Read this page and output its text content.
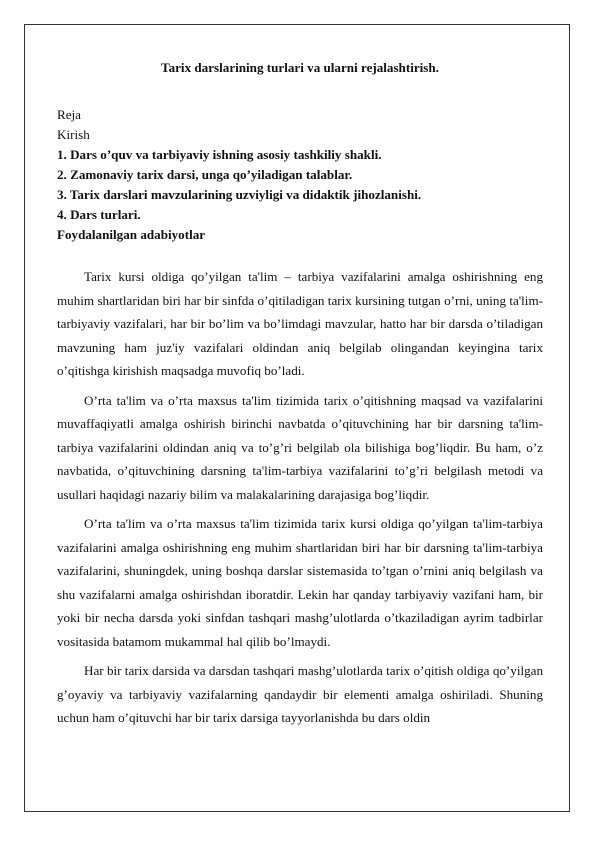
Tarix darslarining turlari va ularni rejalashtirish.

Reja

Kirish

1. Dars o’quv va tarbiyaviy ishning asosiy tashkiliy shakli.

2. Zamonaviy tarix darsi, unga qo’yiladigan talablar.

3. Tarix darslari mavzularining uzviyligi va didaktik jihozlanishi.

4. Dars turlari.

Foydalanilgan adabiyotlar

Tarix kursi oldiga qo’yilgan ta'lim – tarbiya vazifalarini amalga oshirishning eng muhim shartlaridan biri har bir sinfda o’qitiladigan tarix kursining tutgan o’rni, uning ta'lim-tarbiyaviy vazifalari, har bir bo’lim va bo’limdagi mavzular, hatto har bir darsda o’tiladigan mavzuning ham juz'iy vazifalari oldindan aniq belgilab olingandan keyingina tarix o’qitishga kirishish maqsadga muvofiq bo’ladi.

O’rta ta'lim va o’rta maxsus ta'lim tizimida tarix o’qitishning maqsad va vazifalarini muvaffaqiyatli amalga oshirish birinchi navbatda o’qituvchining har bir darsning ta'lim-tarbiya vazifalarini oldindan aniq va to’g’ri belgilab ola bilishiga bog’liqdir. Bu ham, o’z navbatida, o’qituvchining darsning ta'lim-tarbiya vazifalarini to’g’ri belgilash metodi va usullari haqidagi nazariy bilim va malakalarining darajasiga bog’liqdir.

O’rta ta'lim va o’rta maxsus ta'lim tizimida tarix kursi oldiga qo’yilgan ta'lim-tarbiya vazifalarini amalga oshirishning eng muhim shartlaridan biri har bir darsning ta'lim-tarbiya vazifalarini, shuningdek, uning boshqa darslar sistemasida to’tgan o’rnini aniq belgilash va shu vazifalarni amalga oshirishdan iboratdir. Lekin har qanday tarbiyaviy vazifani ham, bir yoki bir necha darsda yoki sinfdan tashqari mashg’ulotlarda o’tkaziladigan ayrim tadbirlar vositasida batamom mukammal hal qilib bo’lmaydi.

Har bir tarix darsida va darsdan tashqari mashg’ulotlarda tarix o’qitish oldiga qo’yilgan g’oyaviy va tarbiyaviy vazifalarning qandaydir bir elementi amalga oshiriladi. Shuning uchun ham o’qituvchi har bir tarix darsiga tayyorlanishda bu dars oldin
